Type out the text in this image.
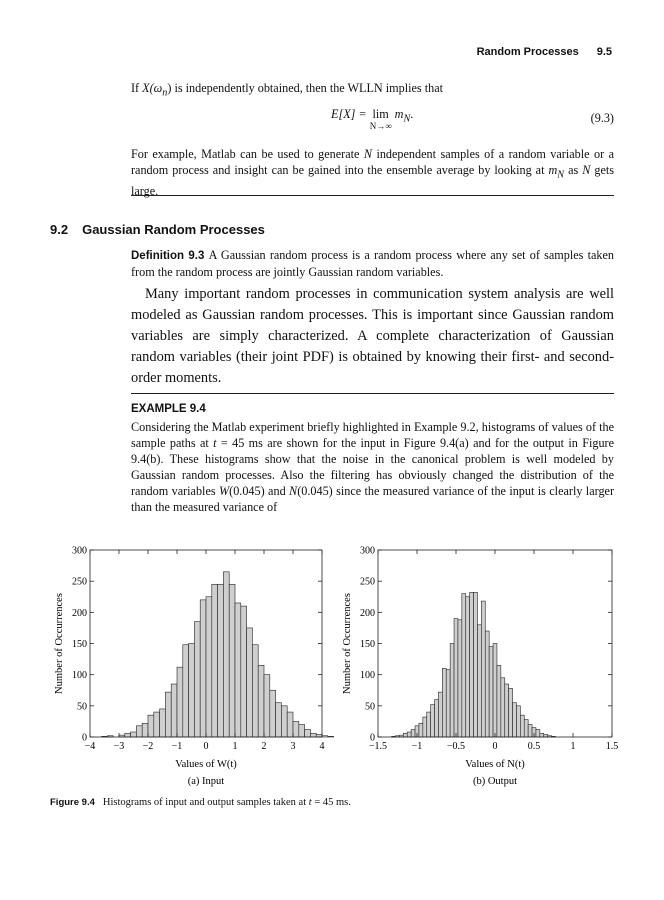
Random Processes 9.5
If $X(\omega_n)$ is independently obtained, then the WLLN implies that
E[X] = lim
N→∞
$m_N$.	(9.3)
For example, Matlab can be used to generate N independent samples of a random variable or a random process and insight can be gained into the ensemble average by looking at $m_N$ as N gets large.
9.2 Gaussian Random Processes
Definition 9.3 A Gaussian random process is a random process where any set of samples taken from the random process are jointly Gaussian random variables.
Many important random processes in communication system analysis are well modeled as Gaussian random processes. This is important since Gaussian random variables are simply characterized. A complete characterization of Gaussian random variables (their joint PDF) is obtained by knowing their first- and second-order moments.
EXAMPLE 9.4
Considering the Matlab experiment briefly highlighted in Example 9.2, histograms of values of the sample paths at t = 45 ms are shown for the input in Figure 9.4(a) and for the output in Figure 9.4(b). These histograms show that the noise in the canonical problem is well modeled by Gaussian random processes. Also the filtering has obviously changed the distribution of the random variables W(0.045) and N(0.045) since the measured variance of the input is clearly larger than the measured variance of
0
50
100
150
200
250
300
−4 −3 −2 −1 0 1 2 3 4
Values of W(t)
Number of Occurrences
(a) Input
0
50
100
150
200
250
300
−1.5 −1 −0.5	0	0.5	1	1.5
Values of N(t)
Number of Occurrences
(b) Output
Figure 9.4 Histograms of input and output samples taken at t = 45 ms.
